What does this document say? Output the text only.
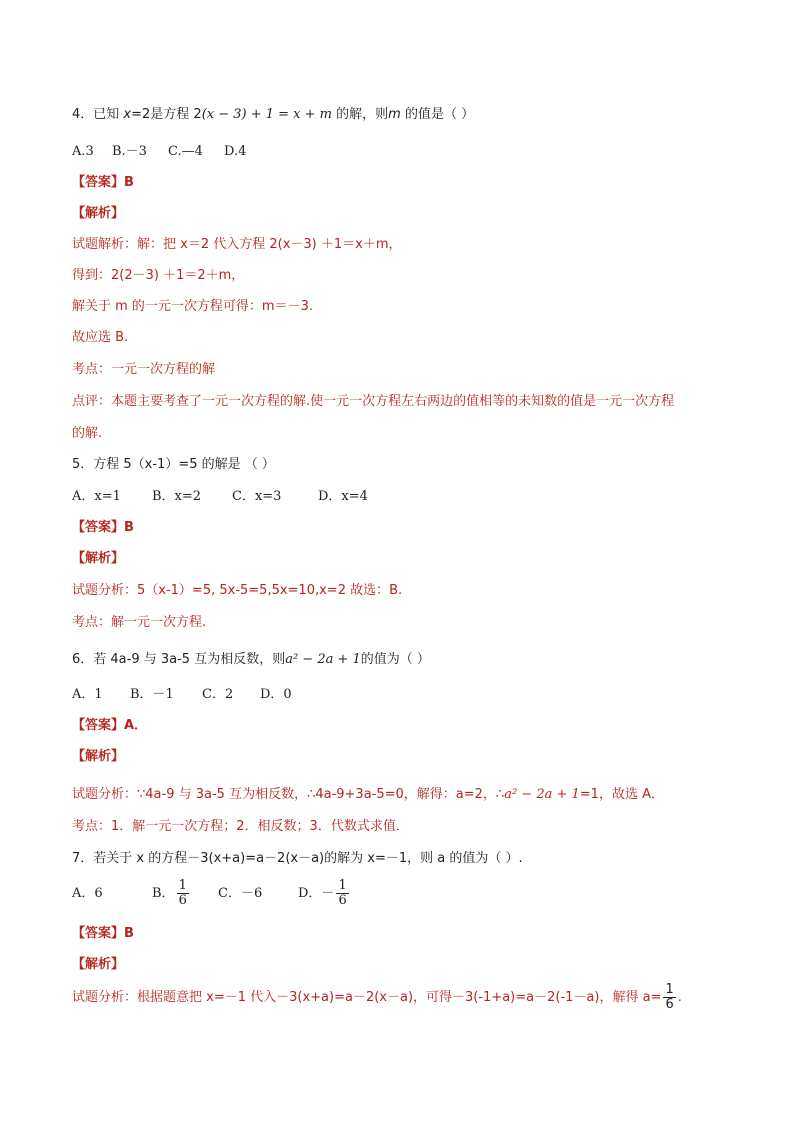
4．已知 x=2是方程 2(x − 3) + 1 = x + m 的解，则m 的值是（ ）
A.3 B.－3 C.—4 D.4
【答案】B
【解析】
试题解析：解：把 x＝2 代入方程 2(x－3) ＋1＝x＋m，
得到：2(2－3) ＋1＝2＋m，
解关于 m 的一元一次方程可得：m＝－3.
故应选 B.
考点：一元一次方程的解
点评：本题主要考查了一元一次方程的解.使一元一次方程左右两边的值相等的未知数的值是一元一次方程
的解.
5．方程 5（x-1）=5 的解是 （ ）
A．x=1 B．x=2 C．x=3	D．x=4
【答案】B
【解析】
试题分析：5（x-1）=5, 5x-5=5,5x=10,x=2 故选：B.
考点：解一元一次方程.
6．若 4a-9 与 3a-5 互为相反数，则a² − 2a + 1的值为（ ）
A．1 B．－1 C．2 D．0
【答案】A．
【解析】
试题分析：∵4a-9 与 3a-5 互为相反数，∴4a-9+3a-5=0，解得：a=2，∴a² − 2a + 1=1，故选 A．
考点：1．解一元一次方程；2．相反数；3．代数式求值．
7．若关于 x 的方程－3(x+a)=a－2(x－a)的解为 x=－1，则 a 的值为（ ）.
A．6	B． $\frac{1}{6}$ C．－6	D．－ $\frac{1}{6}$
【答案】B
【解析】
试题分析：根据题意把 x=－1 代入－3(x+a)=a－2(x－a)，可得－3(-1+a)=a－2(-1－a)，解得 $a= \frac{1}{6}$ .
